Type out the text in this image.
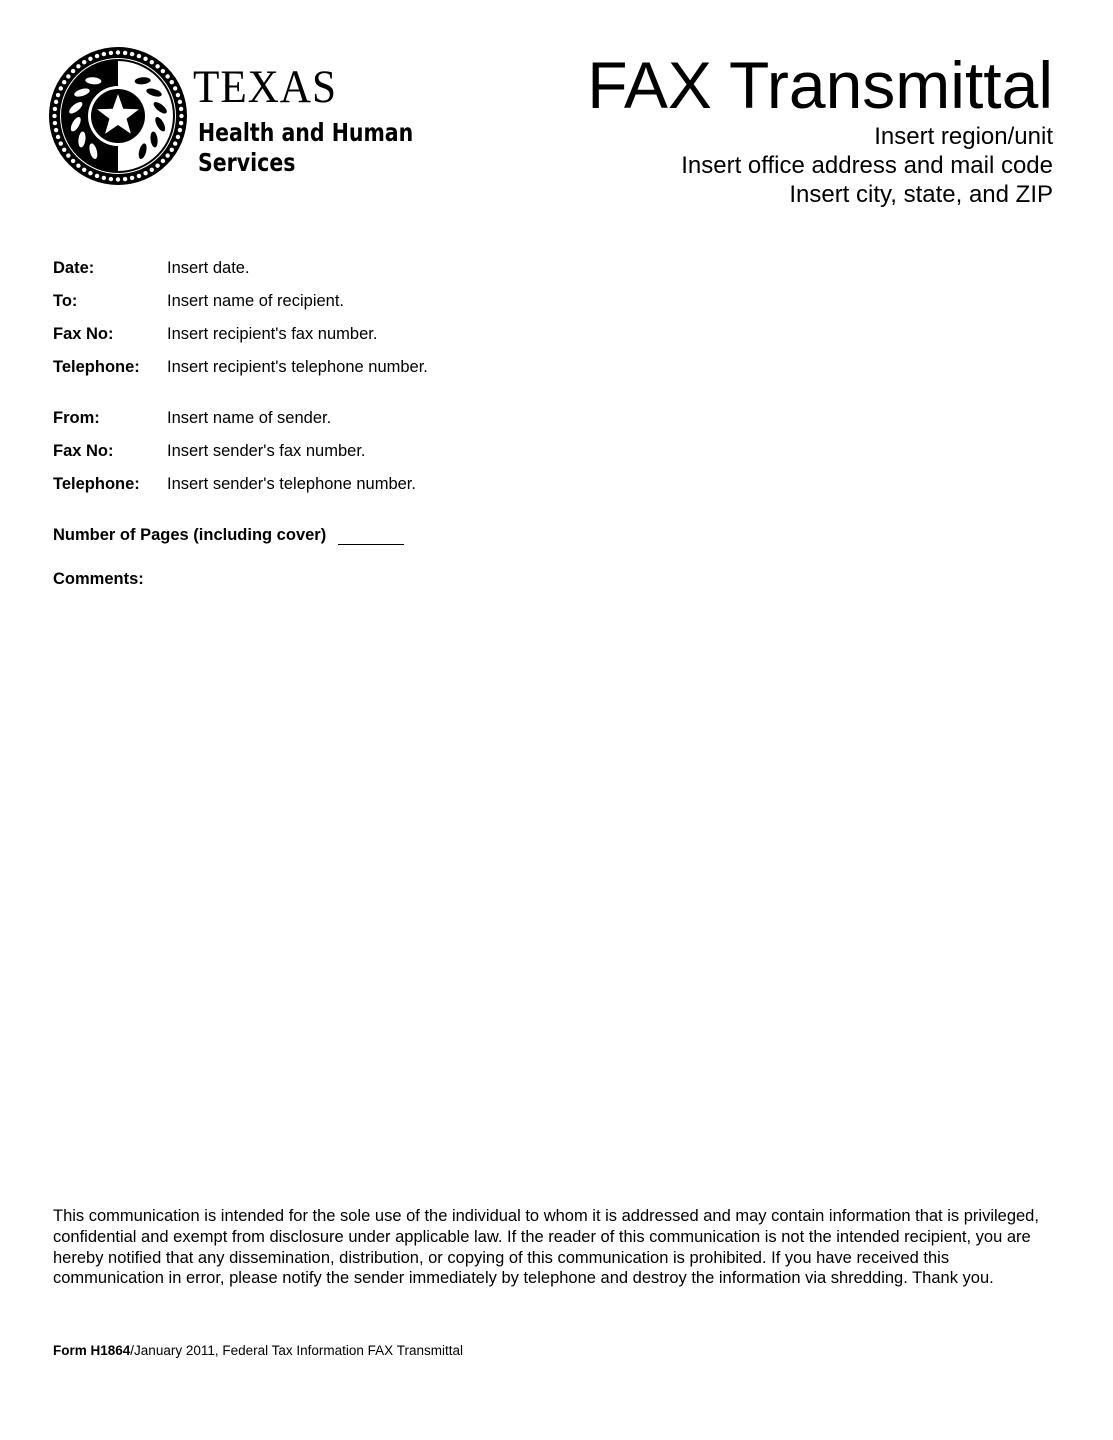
TEXAS
Health and Human
Services
FAX Transmittal
Insert region/unit
Insert office address and mail code
Insert city, state, and ZIP
Date:	Insert date.
To:	Insert name of recipient.
Fax No:	Insert recipient's fax number.
Telephone:	Insert recipient's telephone number.
From:	Insert name of sender.
Fax No:	Insert sender's fax number.
Telephone:	Insert sender's telephone number.
Number of Pages (including cover)
Comments:
This communication is intended for the sole use of the individual to whom it is addressed and may contain information that is privileged, confidential and exempt from disclosure under applicable law. If the reader of this communication is not the intended recipient, you are hereby notified that any dissemination, distribution, or copying of this communication is prohibited. If you have received this communication in error, please notify the sender immediately by telephone and destroy the information via shredding. Thank you.
Form H1864/January 2011, Federal Tax Information FAX Transmittal
